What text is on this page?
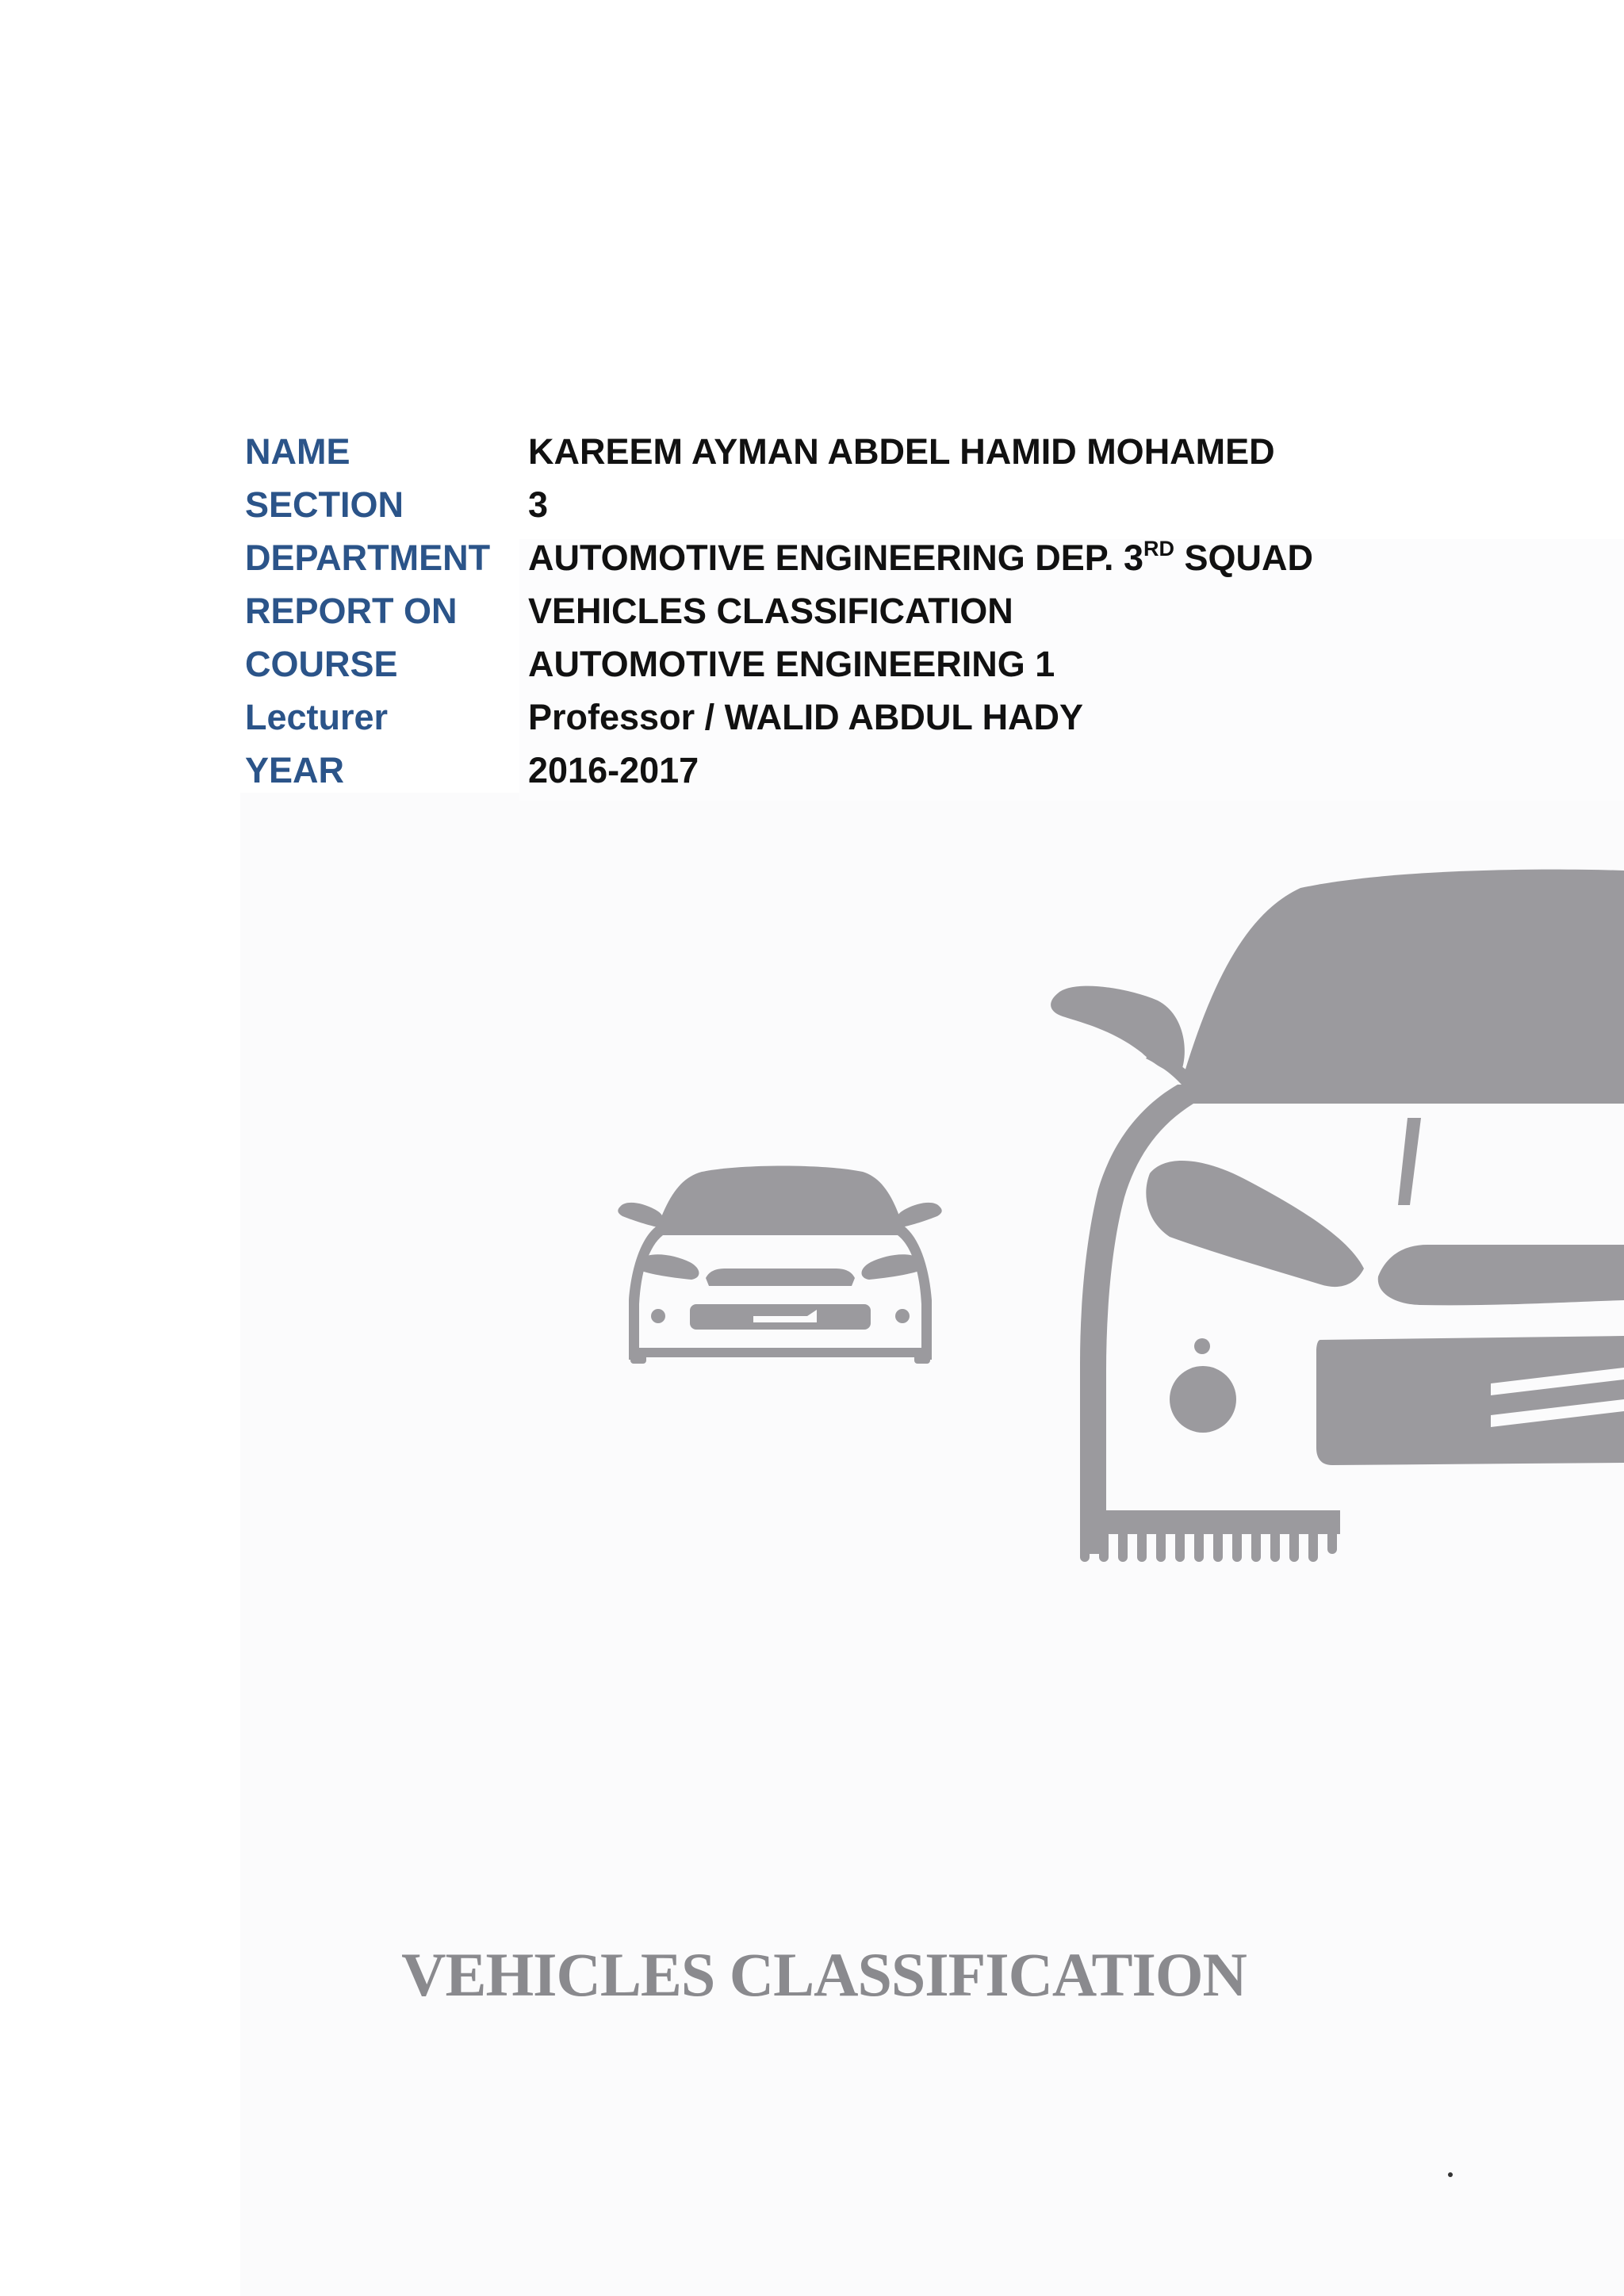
NAME	KAREEM AYMAN ABDEL HAMID MOHAMED
SECTION	3
DEPARTMENT	AUTOMOTIVE ENGINEERING DEP. 3RD SQUAD
REPORT ON	VEHICLES CLASSIFICATION
COURSE	AUTOMOTIVE ENGINEERING 1
Lecturer	Professor / WALID ABDUL HADY
YEAR	2016-2017
VEHICLES CLASSIFICATION
